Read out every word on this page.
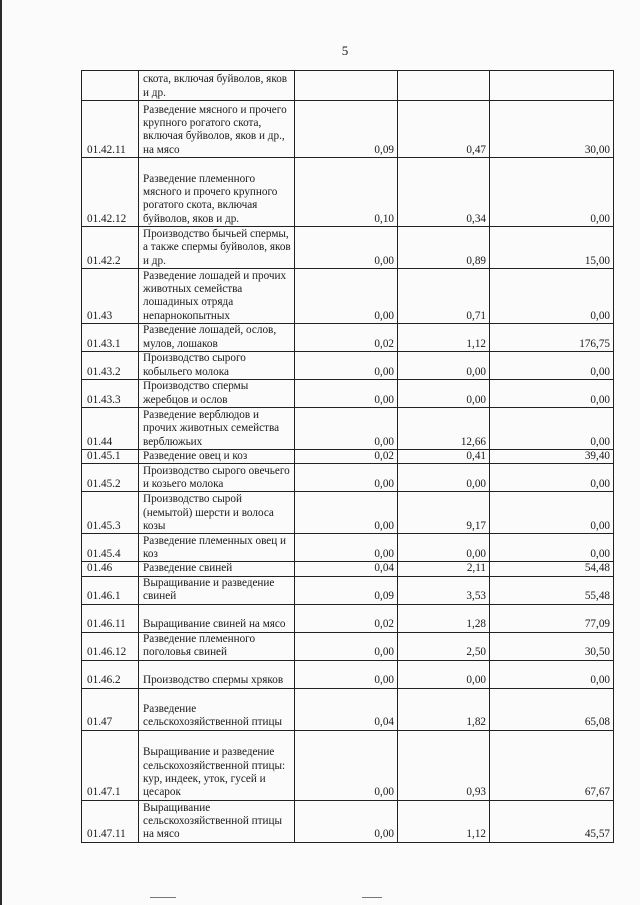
5
	скота, включая буйволов, яков и др.			
01.42.11	Разведение мясного и прочего крупного рогатого скота, включая буйволов, яков и др., на мясо	0,09	0,47	30,00
01.42.12	Разведение племенного мясного и прочего крупного рогатого скота, включая буйволов, яков и др.	0,10	0,34	0,00
01.42.2	Производство бычьей спермы, а также спермы буйволов, яков и др.	0,00	0,89	15,00
01.43	Разведение лошадей и прочих животных семейства лошадиных отряда непарнокопытных	0,00	0,71	0,00
01.43.1	Разведение лошадей, ослов, мулов, лошаков	0,02	1,12	176,75
01.43.2	Производство сырого кобыльего молока	0,00	0,00	0,00
01.43.3	Производство спермы жеребцов и ослов	0,00	0,00	0,00
01.44	Разведение верблюдов и прочих животных семейства верблюжьих	0,00	12,66	0,00
01.45.1	Разведение овец и коз	0,02	0,41	39,40
01.45.2	Производство сырого овечьего и козьего молока	0,00	0,00	0,00
01.45.3	Производство сырой (немытой) шерсти и волоса козы	0,00	9,17	0,00
01.45.4	Разведение племенных овец и коз	0,00	0,00	0,00
01.46	Разведение свиней	0,04	2,11	54,48
01.46.1	Выращивание и разведение свиней	0,09	3,53	55,48
01.46.11	Выращивание свиней на мясо	0,02	1,28	77,09
01.46.12	Разведение племенного поголовья свиней	0,00	2,50	30,50
01.46.2	Производство спермы хряков	0,00	0,00	0,00
01.47	Разведение сельскохозяйственной птицы	0,04	1,82	65,08
01.47.1	Выращивание и разведение сельскохозяйственной птицы: кур, индеек, уток, гусей и цесарок	0,00	0,93	67,67
01.47.11	Выращивание сельскохозяйственной птицы на мясо	0,00	1,12	45,57
